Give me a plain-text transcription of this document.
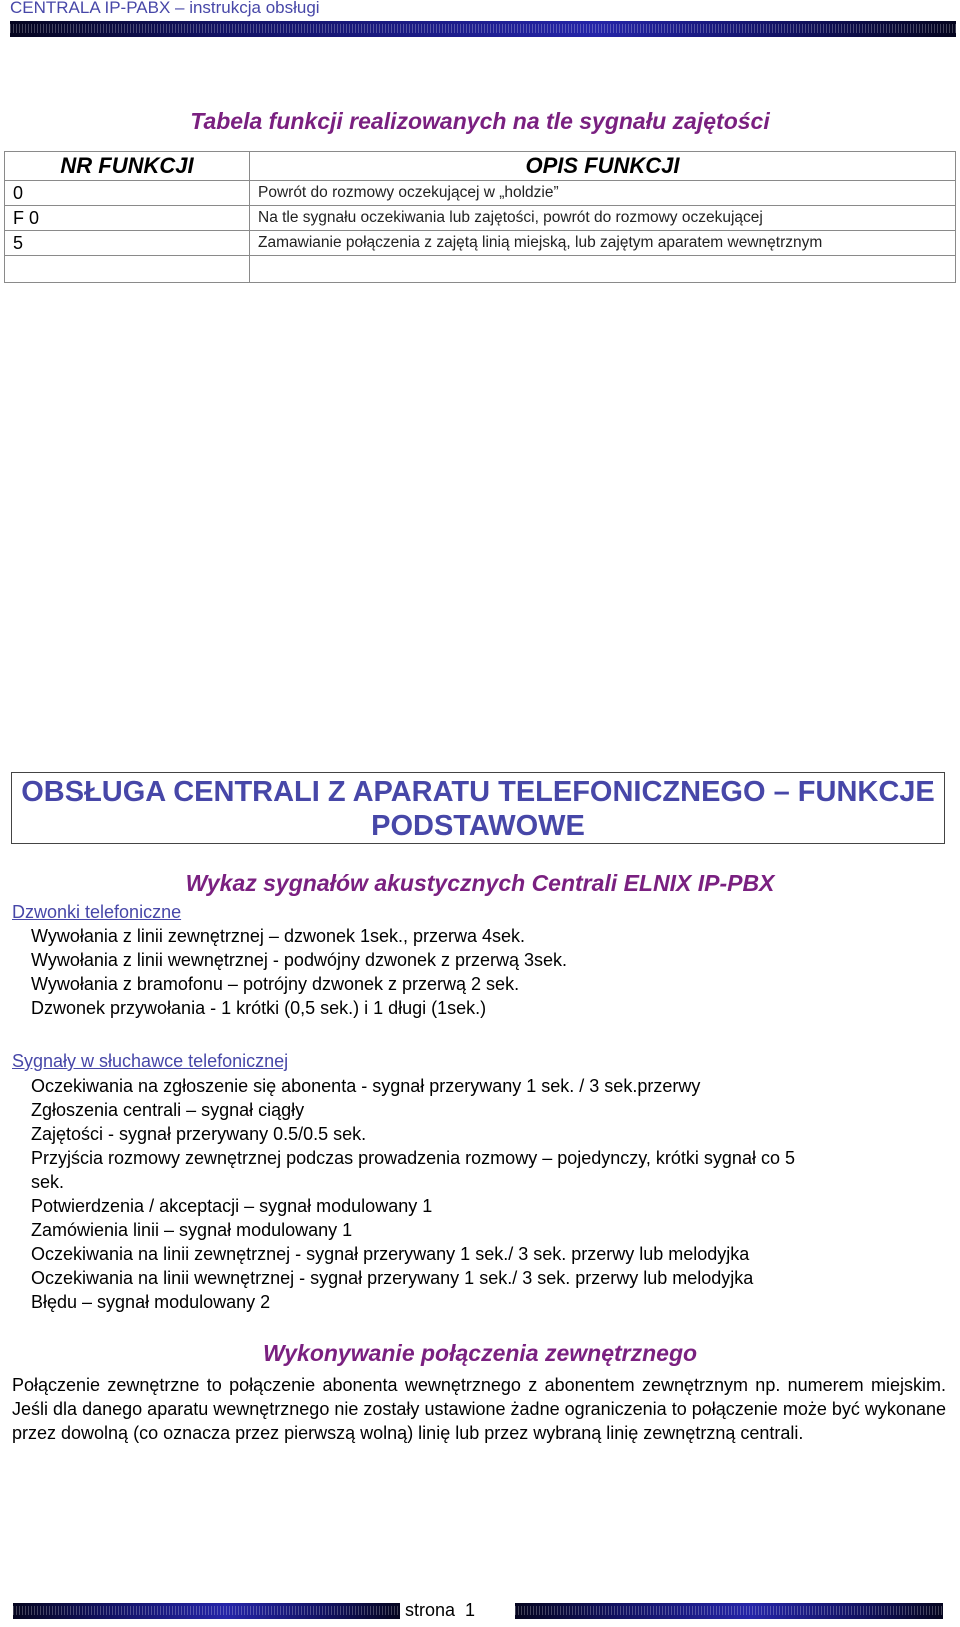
CENTRALA IP-PABX – instrukcja obsługi
Tabela funkcji realizowanych na tle sygnału zajętości
NR FUNKCJI	OPIS FUNKCJI
0	Powrót do rozmowy oczekującej w „holdzie”
F 0	Na tle sygnału oczekiwania lub zajętości, powrót do rozmowy oczekującej
5	Zamawianie połączenia z zajętą linią miejską, lub zajętym aparatem wewnętrznym

OBSŁUGA CENTRALI Z APARATU TELEFONICZNEGO – FUNKCJE
PODSTAWOWE
Wykaz sygnałów akustycznych Centrali ELNIX IP-PBX
Dzwonki telefoniczne
Wywołania z linii zewnętrznej – dzwonek 1sek., przerwa 4sek.
Wywołania z linii wewnętrznej - podwójny dzwonek z przerwą 3sek.
Wywołania z bramofonu – potrójny dzwonek z przerwą 2 sek.
Dzwonek przywołania - 1 krótki (0,5 sek.) i 1 długi (1sek.)
Sygnały w słuchawce telefonicznej
Oczekiwania na zgłoszenie się abonenta - sygnał przerywany 1 sek. / 3 sek.przerwy
Zgłoszenia centrali – sygnał ciągły
Zajętości - sygnał przerywany 0.5/0.5 sek.
Przyjścia rozmowy zewnętrznej podczas prowadzenia rozmowy – pojedynczy, krótki sygnał co 5
sek.
Potwierdzenia / akceptacji – sygnał modulowany 1
Zamówienia linii – sygnał modulowany 1
Oczekiwania na linii zewnętrznej - sygnał przerywany 1 sek./ 3 sek. przerwy lub melodyjka
Oczekiwania na linii wewnętrznej - sygnał przerywany 1 sek./ 3 sek. przerwy lub melodyjka
Błędu – sygnał modulowany 2
Wykonywanie połączenia zewnętrznego
Połączenie zewnętrzne to połączenie abonenta wewnętrznego z abonentem zewnętrznym np. numerem miejskim. Jeśli dla danego aparatu wewnętrznego nie zostały ustawione żadne ograniczenia to połączenie może być wykonane przez dowolną (co oznacza przez pierwszą wolną) linię lub przez wybraną linię zewnętrzną centrali.
strona 1
